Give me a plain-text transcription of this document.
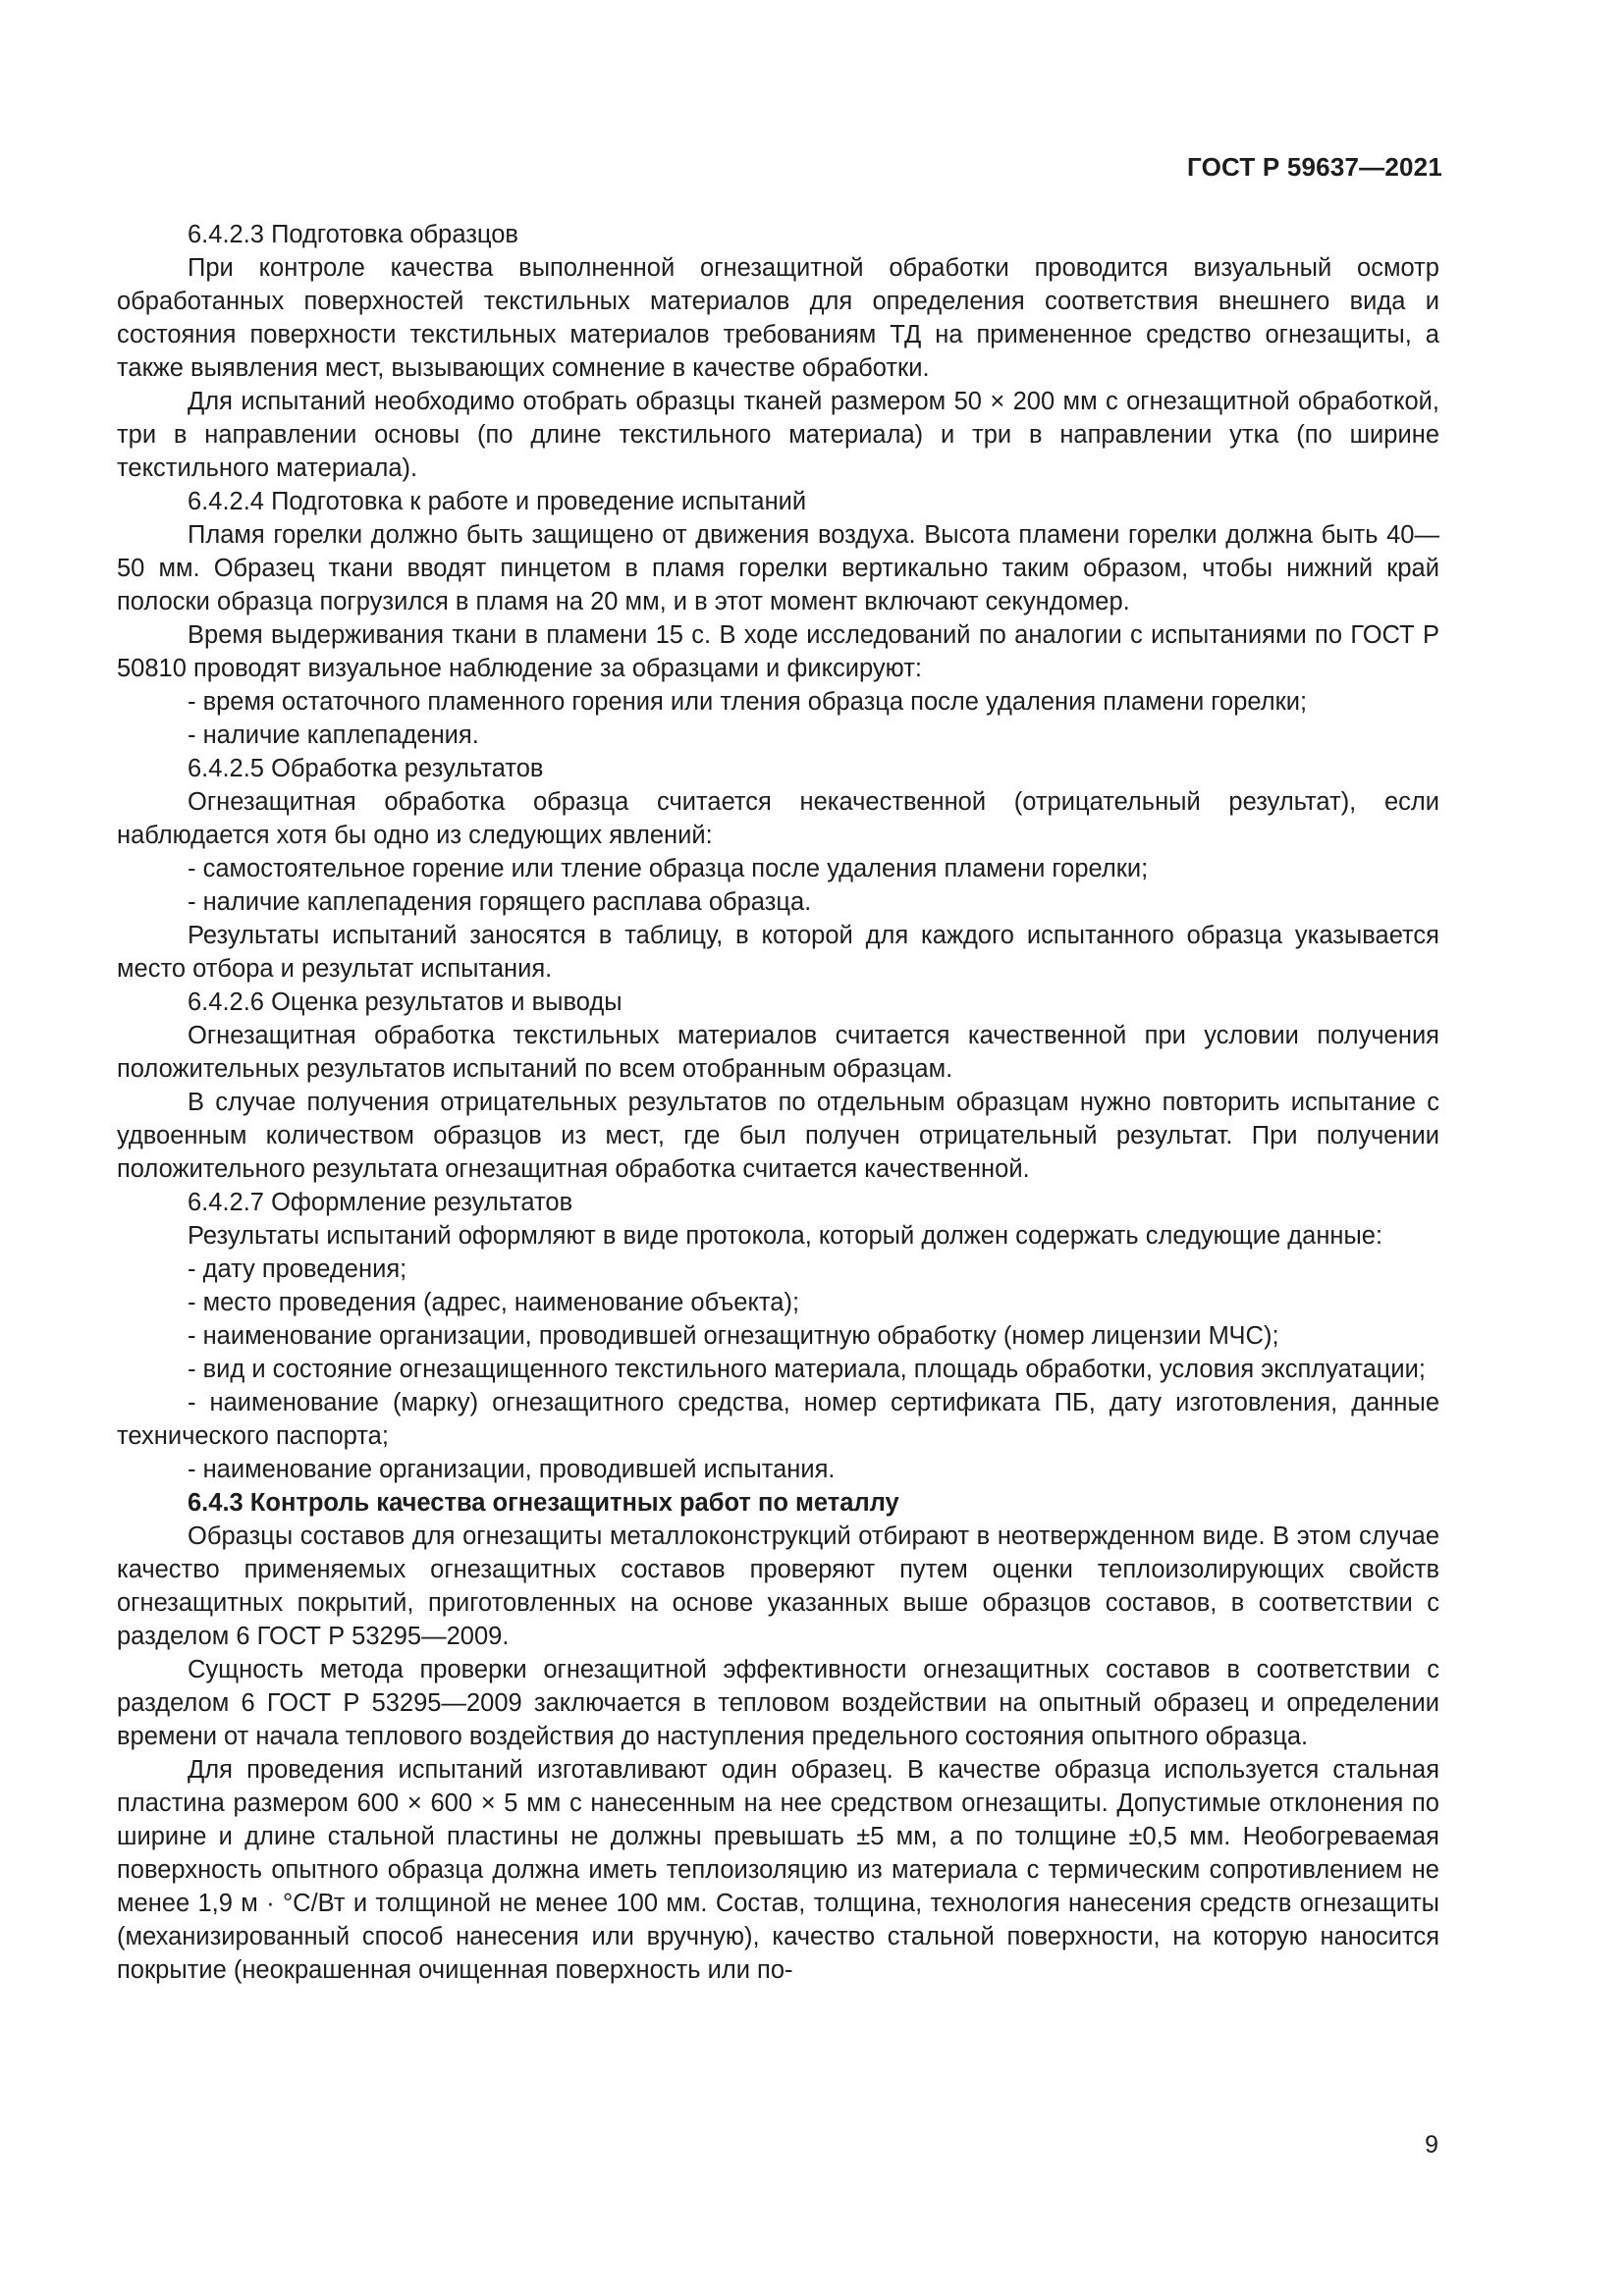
ГОСТ Р 59637—2021

6.4.2.3 Подготовка образцов

При контроле качества выполненной огнезащитной обработки проводится визуальный осмотр обработанных поверхностей текстильных материалов для определения соответствия внешнего вида и состояния поверхности текстильных материалов требованиям ТД на примененное средство огнезащиты, а также выявления мест, вызывающих сомнение в качестве обработки.

Для испытаний необходимо отобрать образцы тканей размером 50 × 200 мм с огнезащитной обработкой, три в направлении основы (по длине текстильного материала) и три в направлении утка (по ширине текстильного материала).

6.4.2.4 Подготовка к работе и проведение испытаний

Пламя горелки должно быть защищено от движения воздуха. Высота пламени горелки должна быть 40—50 мм. Образец ткани вводят пинцетом в пламя горелки вертикально таким образом, чтобы нижний край полоски образца погрузился в пламя на 20 мм, и в этот момент включают секундомер.

Время выдерживания ткани в пламени 15 с. В ходе исследований по аналогии с испытаниями по ГОСТ Р 50810 проводят визуальное наблюдение за образцами и фиксируют:

- время остаточного пламенного горения или тления образца после удаления пламени горелки;

- наличие каплепадения.

6.4.2.5 Обработка результатов

Огнезащитная обработка образца считается некачественной (отрицательный результат), если наблюдается хотя бы одно из следующих явлений:

- самостоятельное горение или тление образца после удаления пламени горелки;

- наличие каплепадения горящего расплава образца.

Результаты испытаний заносятся в таблицу, в которой для каждого испытанного образца указывается место отбора и результат испытания.

6.4.2.6 Оценка результатов и выводы

Огнезащитная обработка текстильных материалов считается качественной при условии получения положительных результатов испытаний по всем отобранным образцам.

В случае получения отрицательных результатов по отдельным образцам нужно повторить испытание с удвоенным количеством образцов из мест, где был получен отрицательный результат. При получении положительного результата огнезащитная обработка считается качественной.

6.4.2.7 Оформление результатов

Результаты испытаний оформляют в виде протокола, который должен содержать следующие данные:

- дату проведения;

- место проведения (адрес, наименование объекта);

- наименование организации, проводившей огнезащитную обработку (номер лицензии МЧС);

- вид и состояние огнезащищенного текстильного материала, площадь обработки, условия эксплуатации;

- наименование (марку) огнезащитного средства, номер сертификата ПБ, дату изготовления, данные технического паспорта;

- наименование организации, проводившей испытания.

6.4.3 Контроль качества огнезащитных работ по металлу

Образцы составов для огнезащиты металлоконструкций отбирают в неотвержденном виде. В этом случае качество применяемых огнезащитных составов проверяют путем оценки теплоизолирующих свойств огнезащитных покрытий, приготовленных на основе указанных выше образцов составов, в соответствии с разделом 6 ГОСТ Р 53295—2009.

Сущность метода проверки огнезащитной эффективности огнезащитных составов в соответствии с разделом 6 ГОСТ Р 53295—2009 заключается в тепловом воздействии на опытный образец и определении времени от начала теплового воздействия до наступления предельного состояния опытного образца.

Для проведения испытаний изготавливают один образец. В качестве образца используется стальная пластина размером 600 × 600 × 5 мм с нанесенным на нее средством огнезащиты. Допустимые отклонения по ширине и длине стальной пластины не должны превышать ±5 мм, а по толщине ±0,5 мм. Необогреваемая поверхность опытного образца должна иметь теплоизоляцию из материала с термическим сопротивлением не менее 1,9 м · °С/Вт и толщиной не менее 100 мм. Состав, толщина, технология нанесения средств огнезащиты (механизированный способ нанесения или вручную), качество стальной поверхности, на которую наносится покрытие (неокрашенная очищенная поверхность или по-

9
